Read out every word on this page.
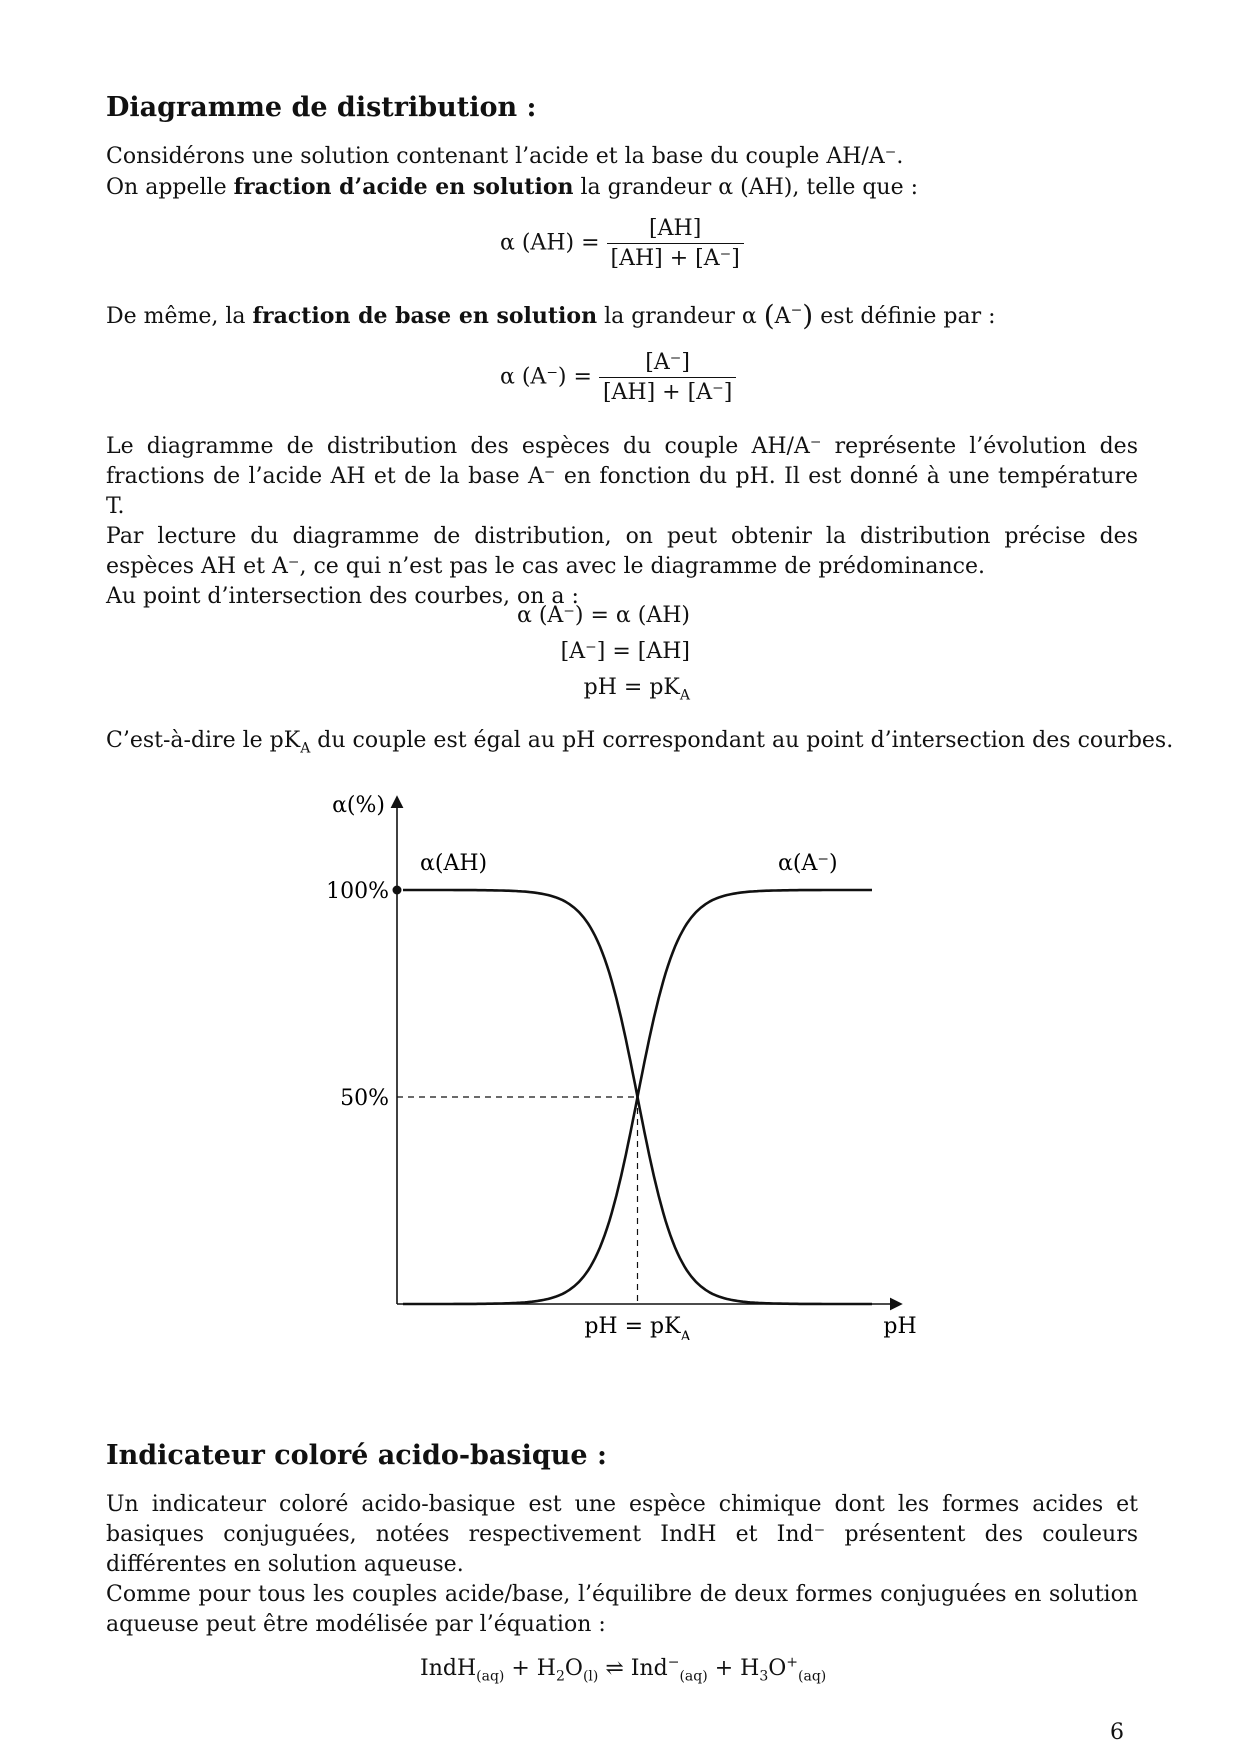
Diagramme de distribution :

Considérons une solution contenant l’acide et la base du couple AH/A⁻.

On appelle fraction d’acide en solution la grandeur α (AH), telle que :

α $(AH) = \frac{[AH]}{[AH] + [A^-]}$

De même, la fraction de base en solution la grandeur α (A−) est définie par :

α $(A^-) = \frac{[A^-]}{[AH] + [A^-]}$

Le diagramme de distribution des espèces du couple AH/A⁻ représente l’évolution des fractions de l’acide AH et de la base A⁻ en fonction du pH. Il est donné à une température T.

Par lecture du diagramme de distribution, on peut obtenir la distribution précise des espèces AH et A⁻, ce qui n’est pas le cas avec le diagramme de prédominance.

Au point d’intersection des courbes, on a :

α (A⁻) = α (AH)
[A⁻] = [AH]
pH = $pK_A$

C’est-à-dire le $pK_A$ du couple est égal au pH correspondant au point d’intersection des courbes.

α(%)
pH
100%
50%
α(AH)	α(A⁻)
pH = $pK_A$
Indicateur coloré acido-basique :

Un indicateur coloré acido-basique est une espèce chimique dont les formes acides et basiques conjuguées, notées respectivement IndH et Ind⁻ présentent des couleurs différentes en solution aqueuse.

Comme pour tous les couples acide/base, l’équilibre de deux formes conjuguées en solution aqueuse peut être modélisée par l’équation :

IndH$_{(aq)}$ + $H_2O_{(l)}$ ⇌ $Ind^-_{(aq)} + H_3O^+_{(aq)}$
6
